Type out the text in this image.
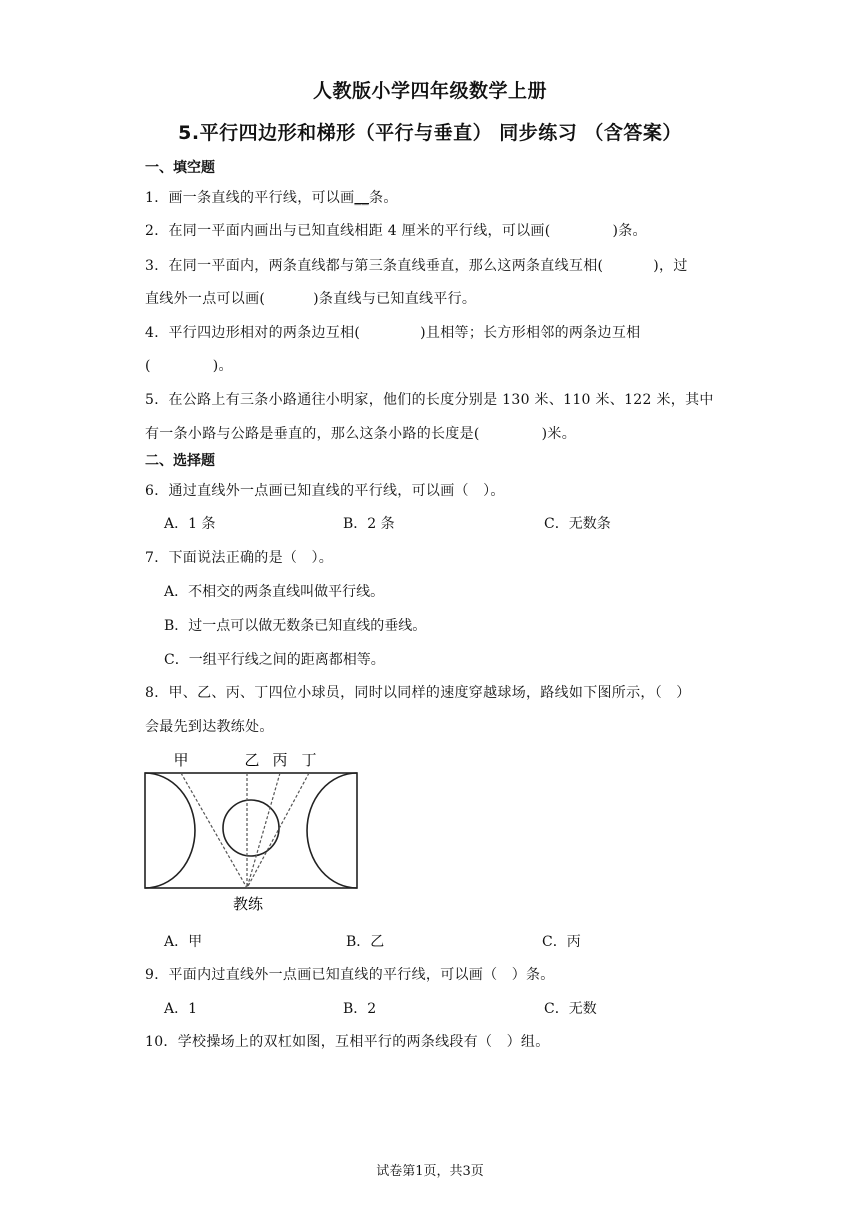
人教版小学四年级数学上册
5.平行四边形和梯形（平行与垂直） 同步练习 （含答案）
一、填空题
1．画一条直线的平行线，可以画__条。
2．在同一平面内画出与已知直线相距 4 厘米的平行线，可以画(	)条。
3．在同一平面内，两条直线都与第三条直线垂直，那么这两条直线互相(	)，过
直线外一点可以画(	)条直线与已知直线平行。
4．平行四边形相对的两条边互相(	)且相等；长方形相邻的两条边互相
(	)。
5．在公路上有三条小路通往小明家，他们的长度分别是 130 米、110 米、122 米，其中
有一条小路与公路是垂直的，那么这条小路的长度是(	)米。
二、选择题
6．通过直线外一点画已知直线的平行线，可以画（　）。
A．1 条	B．2 条	C．无数条
7．下面说法正确的是（　）。
A．不相交的两条直线叫做平行线。
B．过一点可以做无数条已知直线的垂线。
C．一组平行线之间的距离都相等。
8．甲、乙、丙、丁四位小球员，同时以同样的速度穿越球场，路线如下图所示，（　）
会最先到达教练处。
甲	乙 丙 丁
教练
A．甲	B．乙	C．丙
9．平面内过直线外一点画已知直线的平行线，可以画（　）条。
A．1	B．2	C．无数
10．学校操场上的双杠如图，互相平行的两条线段有（　）组。
试卷第1页，共3页
